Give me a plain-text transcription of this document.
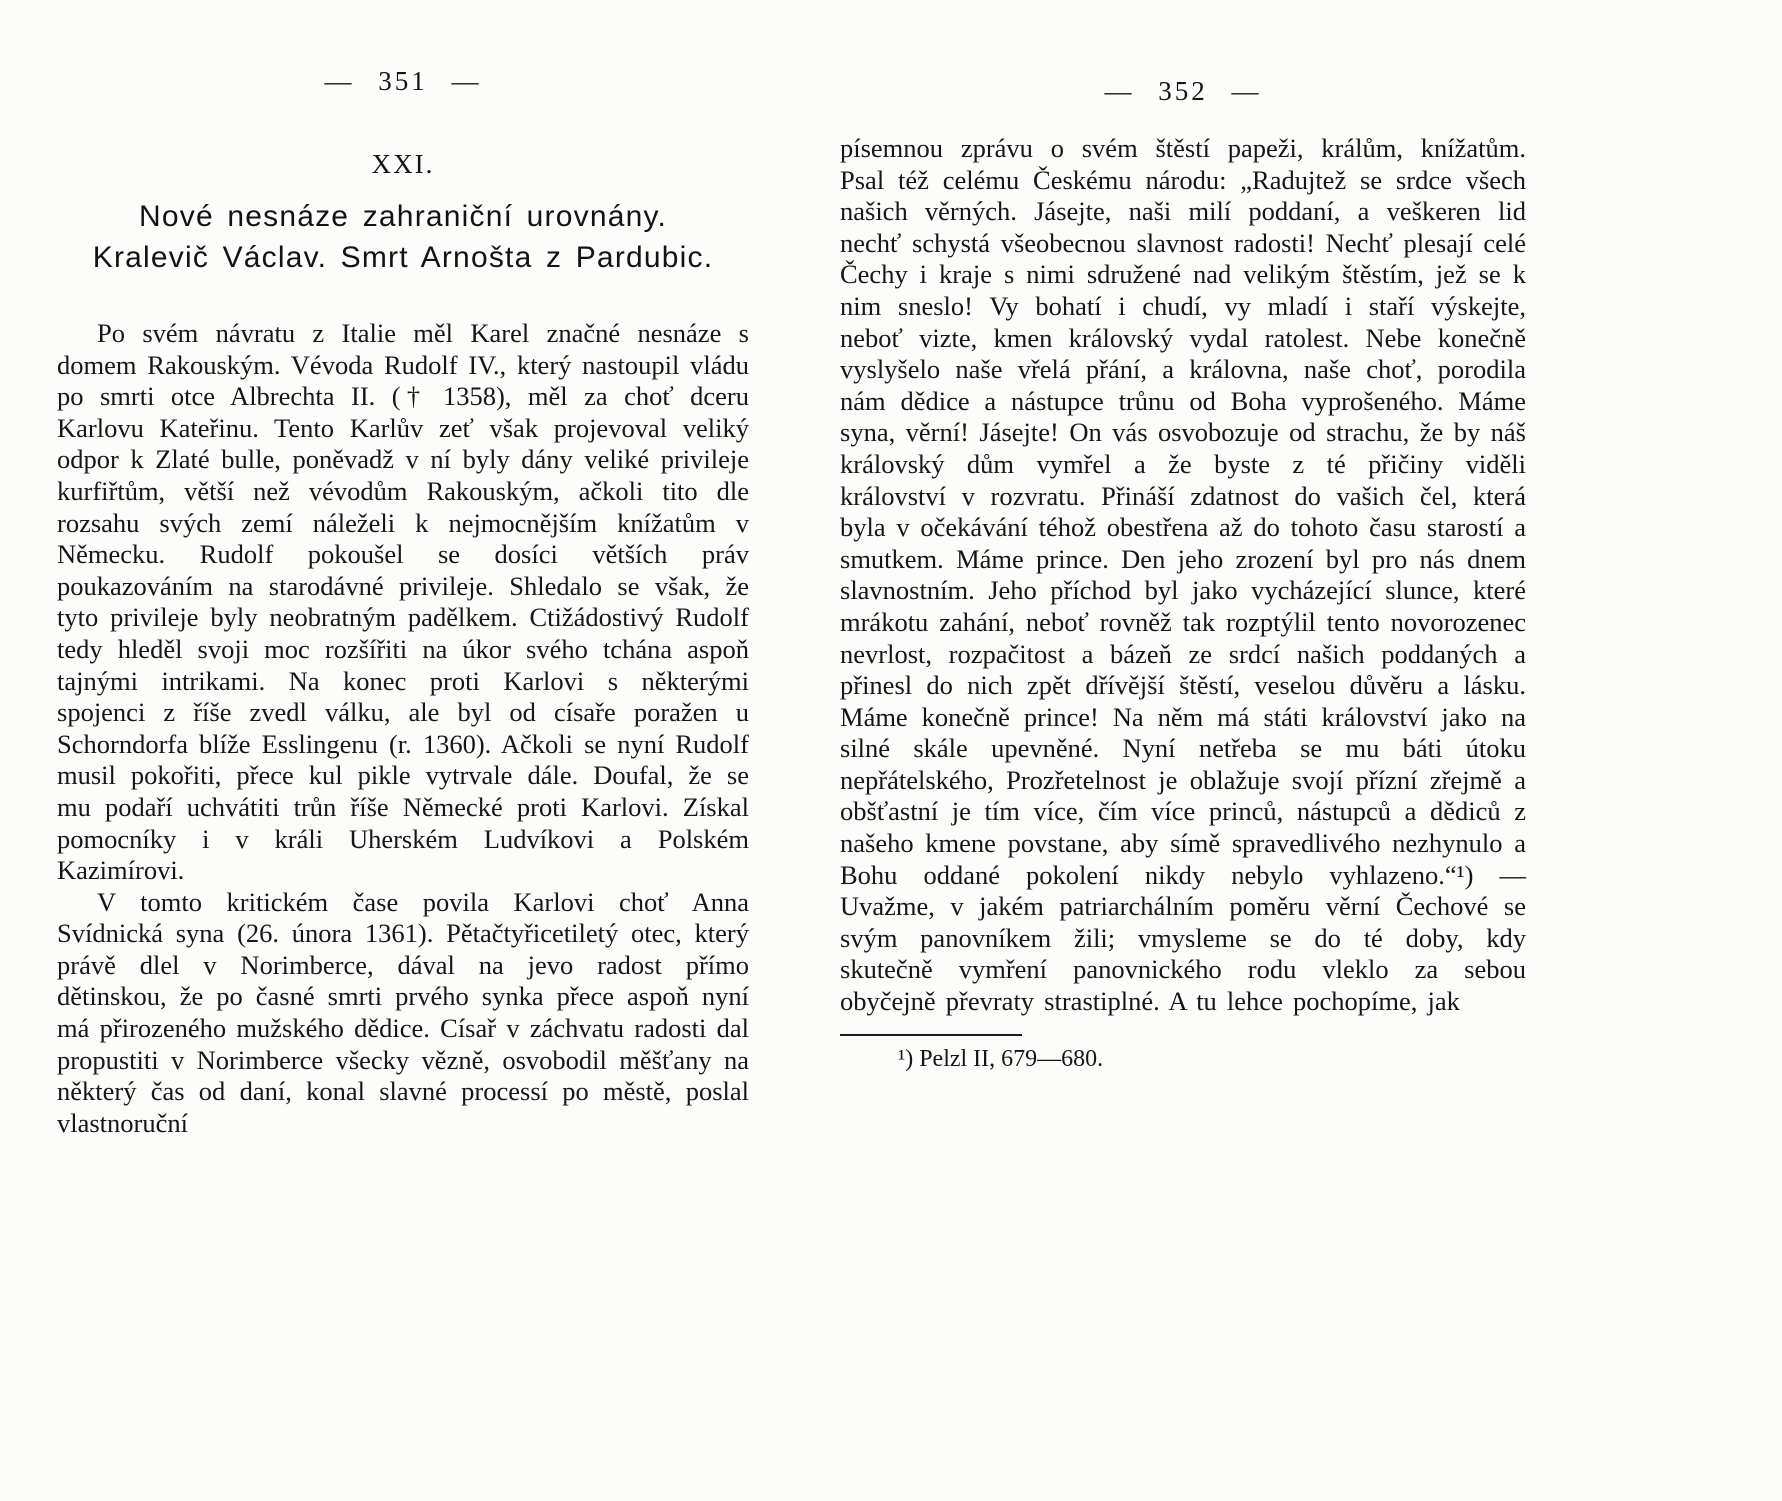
— 351 —
XXI.
Nové nesnáze zahraniční urovnány.
Kralevič Václav. Smrt Arnošta z Pardubic.

Po svém návratu z Italie měl Karel značné nesnáze s domem Rakouským. Vévoda Rudolf IV., který nastoupil vládu po smrti otce Albrechta II. († 1358), měl za choť dceru Karlovu Kateřinu. Tento Karlův zeť však projevoval veliký odpor k Zlaté bulle, poněvadž v ní byly dány veliké privileje kurfiřtům, větší než vévodům Rakouským, ačkoli tito dle rozsahu svých zemí náleželi k nejmocnějším knížatům v Německu. Rudolf pokoušel se dosíci větších práv poukazováním na starodávné privileje. Shledalo se však, že tyto privileje byly neobratným padělkem. Ctižádostivý Rudolf tedy hleděl svoji moc rozšířiti na úkor svého tchána aspoň tajnými intrikami. Na konec proti Karlovi s některými spojenci z říše zvedl válku, ale byl od císaře poražen u Schorndorfa blíže Esslingenu (r. 1360). Ačkoli se nyní Rudolf musil pokořiti, přece kul pikle vytrvale dále. Doufal, že se mu podaří uchvátiti trůn říše Německé proti Karlovi. Získal pomocníky i v králi Uherském Ludvíkovi a Polském Kazimírovi.

V tomto kritickém čase povila Karlovi choť Anna Svídnická syna (26. února 1361). Pětačtyřicetiletý otec, který právě dlel v Norimberce, dával na jevo radost přímo dětinskou, že po časné smrti prvého synka přece aspoň nyní má přirozeného mužského dědice. Císař v záchvatu radosti dal propustiti v Norimberce všecky vězně, osvobodil měšťany na některý čas od daní, konal slavné processí po městě, poslal vlastnoruční

— 352 —

písemnou zprávu o svém štěstí papeži, králům, knížatům. Psal též celému Českému národu: „Radujtež se srdce všech našich věrných. Jásejte, naši milí poddaní, a veškeren lid nechť schystá všeobecnou slavnost radosti! Nechť plesají celé Čechy i kraje s nimi sdružené nad velikým štěstím, jež se k nim sneslo! Vy bohatí i chudí, vy mladí i staří výskejte, neboť vizte, kmen královský vydal ratolest. Nebe konečně vyslyšelo naše vřelá přání, a královna, naše choť, porodila nám dědice a nástupce trůnu od Boha vyprošeného. Máme syna, věrní! Jásejte! On vás osvobozuje od strachu, že by náš královský dům vymřel a že byste z té přičiny viděli království v rozvratu. Přináší zdatnost do vašich čel, která byla v očekávání téhož obestřena až do tohoto času starostí a smutkem. Máme prince. Den jeho zrození byl pro nás dnem slavnostním. Jeho příchod byl jako vycházející slunce, které mrákotu zahání, neboť rovněž tak rozptýlil tento novorozenec nevrlost, rozpačitost a bázeň ze srdcí našich poddaných a přinesl do nich zpět dřívější štěstí, veselou důvěru a lásku. Máme konečně prince! Na něm má státi království jako na silné skále upevněné. Nyní netřeba se mu báti útoku nepřátelského, Prozřetelnost je oblažuje svojí přízní zřejmě a obšťastní je tím více, čím více princů, nástupců a dědiců z našeho kmene povstane, aby símě spravedlivého nezhynulo a Bohu oddané pokolení nikdy nebylo vyhlazeno.“¹) — Uvažme, v jakém patriarchálním poměru věrní Čechové se svým panovníkem žili; vmysleme se do té doby, kdy skutečně vymření panovnického rodu vleklo za sebou obyčejně převraty strastiplné. A tu lehce pochopíme, jak

¹) Pelzl II, 679—680.
